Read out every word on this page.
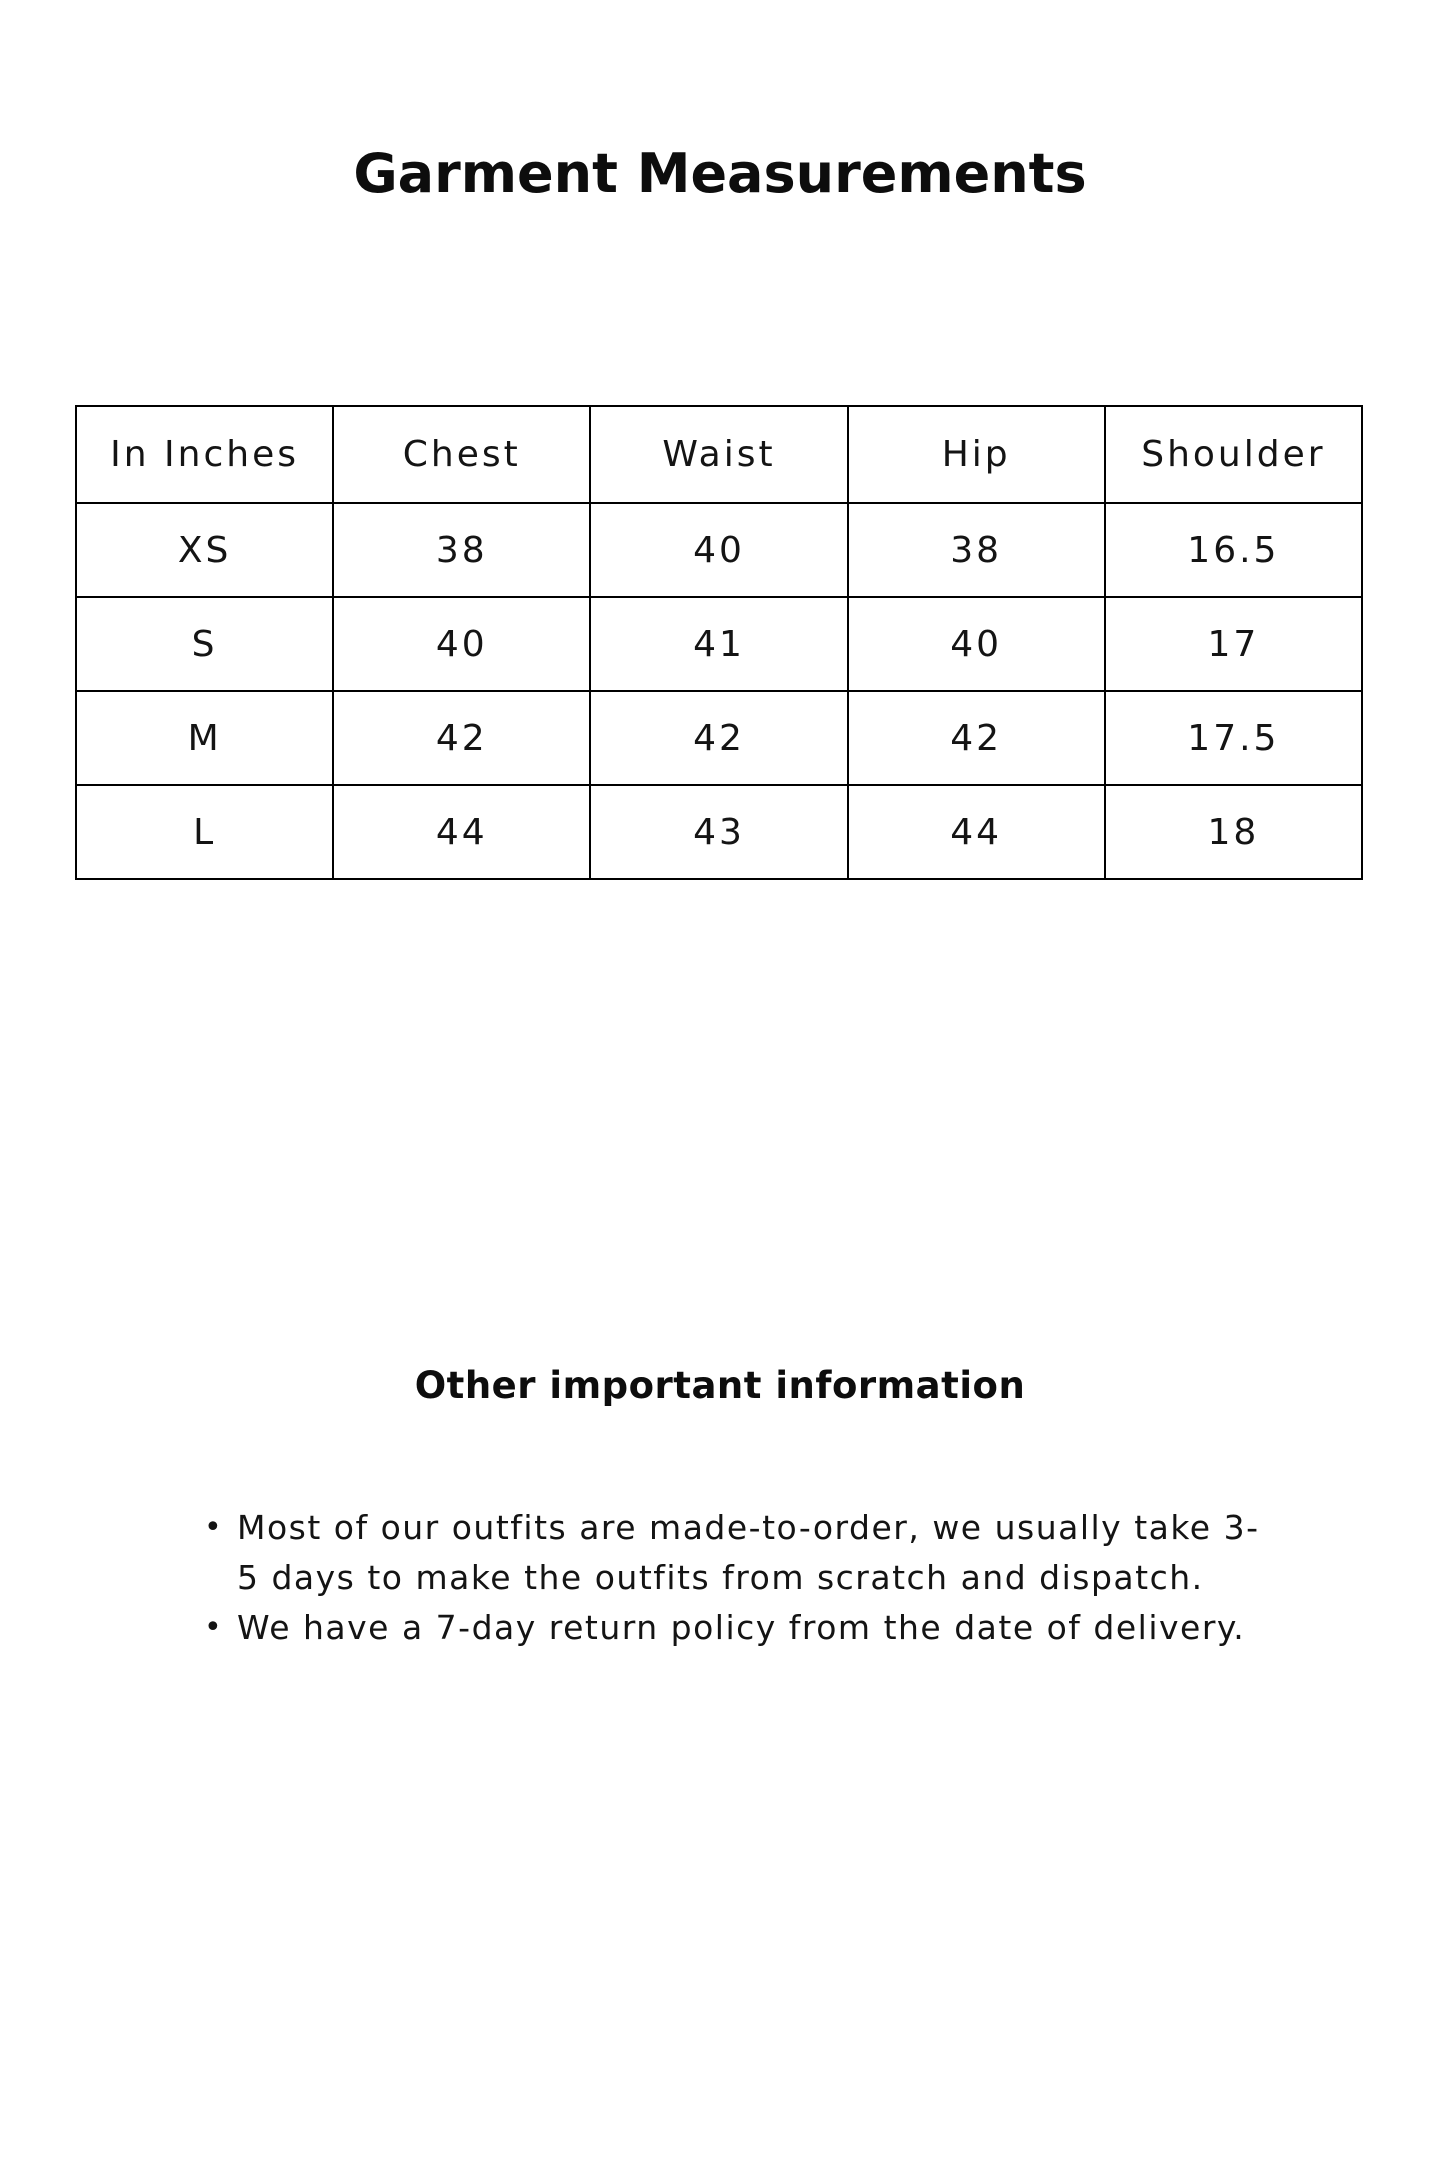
Garment Measurements
In Inches	Chest	Waist	Hip	Shoulder
XS	38	40	38	16.5
S	40	41	40	17
M	42	42	42	17.5
L	44	43	44	18
Other important information
• Most of our outfits are made-to-order, we usually take 3-5 days to make the outfits from scratch and dispatch.
• We have a 7-day return policy from the date of delivery.
